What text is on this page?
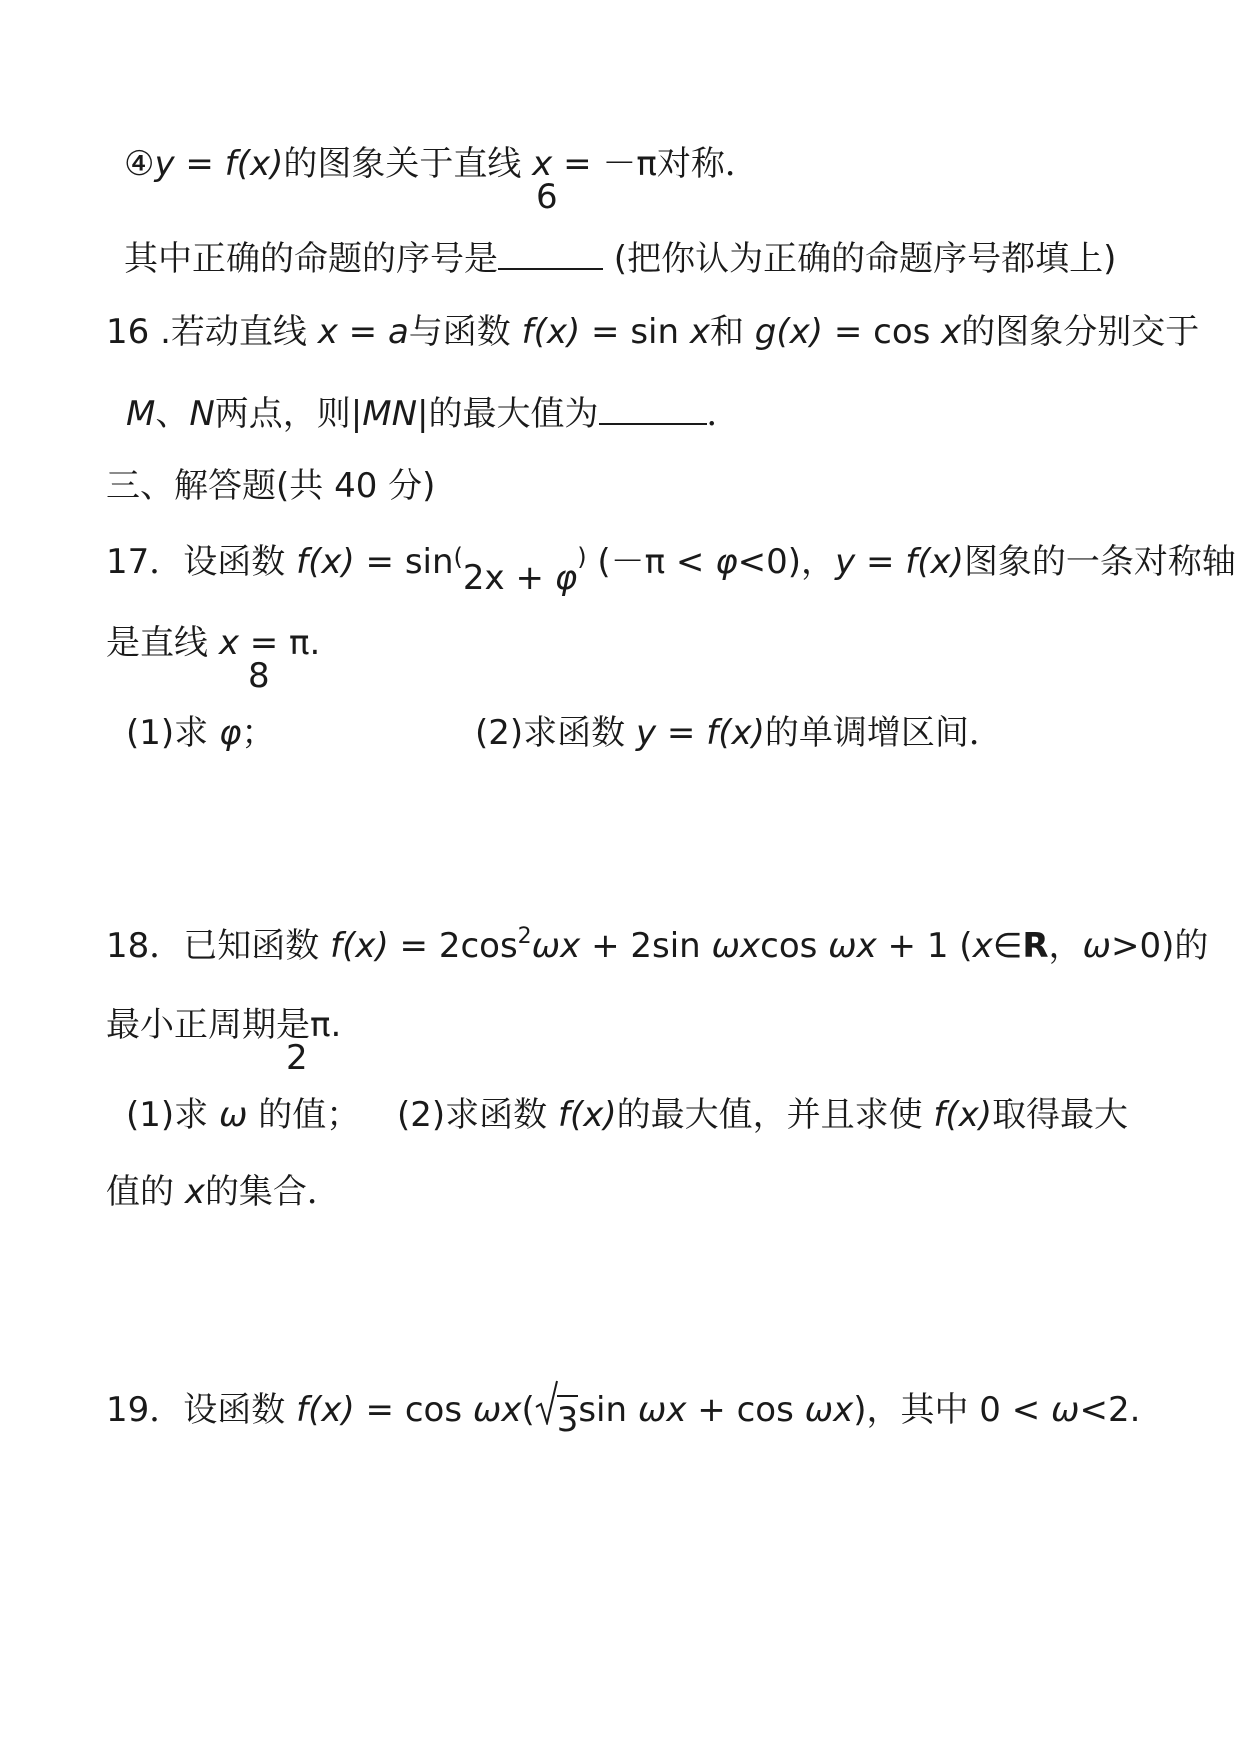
④y = f(x)的图象关于直线 x = －π对称．
6
其中正确的命题的序号是	(把你认为正确的命题序号都填上)
16 .若动直线 x = a与函数 f(x) = sin x和 g(x) = cos x的图象分别交于
M、N两点，则|MN|的最大值为	．
三、解答题(共 40 分)
17．设函数 f(x) = sin(2x + φ) (－π < φ<0)，y = f(x)图象的一条对称轴
是直线 x = π.
8
(1)求 φ；	(2)求函数 y = f(x)的单调增区间．
18．已知函数 $f(x) = 2\cos^2\omega x + 2\sin$ ωxcos ωx + 1 (x∈R，ω>0)的
最小正周期是π.
2
(1)求 ω 的值； (2)求函数 f(x)的最大值，并且求使 f(x)取得最大
值的 x的集合．
19．设函数 f(x) = cos ωx( 3sin ωx + cos ωx)，其中 0 < ω<2.
